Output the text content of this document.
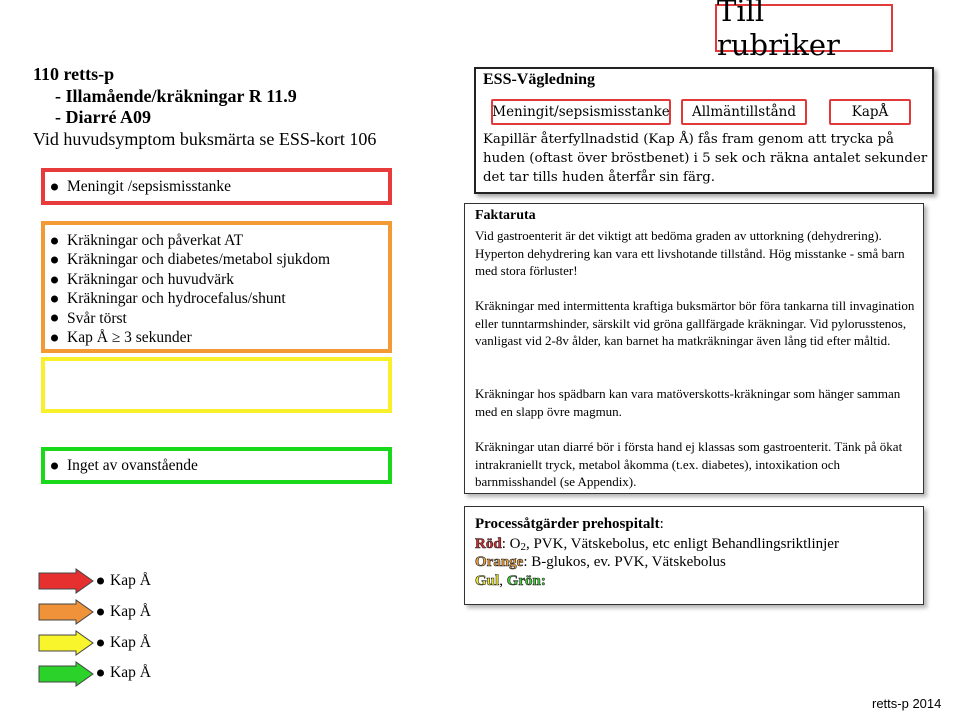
Till rubriker
110 retts-p
- Illamående/kräkningar R 11.9
- Diarré A09
Vid huvudsymptom buksmärta se ESS-kort 106
Meningit /sepsismisstanke
Kräkningar och påverkat AT
Kräkningar och diabetes/metabol sjukdom
Kräkningar och huvudvärk
Kräkningar och hydrocefalus/shunt
Svår törst
Kap Å ≥ 3 sekunder
Inget av ovanstående
Kap Å
Kap Å
Kap Å
Kap Å
ESS-Vägledning
Meningit/sepsismisstanke	Allmäntillstånd	KapÅ
Kapillär återfyllnadstid (Kap Å) fås fram genom att trycka på huden (oftast över bröstbenet) i 5 sek och räkna antalet sekunder det tar tills huden återfår sin färg.
Faktaruta
Vid gastroenterit är det viktigt att bedöma graden av uttorkning (dehydrering). Hyperton dehydrering kan vara ett livshotande tillstånd. Hög misstanke - små barn med stora förluster!
Kräkningar med intermittenta kraftiga buksmärtor bör föra tankarna till invagination eller tunntarmshinder, särskilt vid gröna gallfärgade kräkningar. Vid pylorusstenos, vanligast vid 2-8v ålder, kan barnet ha matkräkningar även lång tid efter måltid.
Kräkningar hos spädbarn kan vara matöverskotts-kräkningar som hänger samman med en slapp övre magmun.
Kräkningar utan diarré bör i första hand ej klassas som gastroenterit. Tänk på ökat intrakraniellt tryck, metabol åkomma (t.ex. diabetes), intoxikation och barnmisshandel (se Appendix).
Processåtgärder prehospitalt:
Röd: O2, PVK, Vätskebolus, etc enligt Behandlingsriktlinjer
Orange: B-glukos, ev. PVK, Vätskebolus
Gul, Grön:
retts-p 2014
